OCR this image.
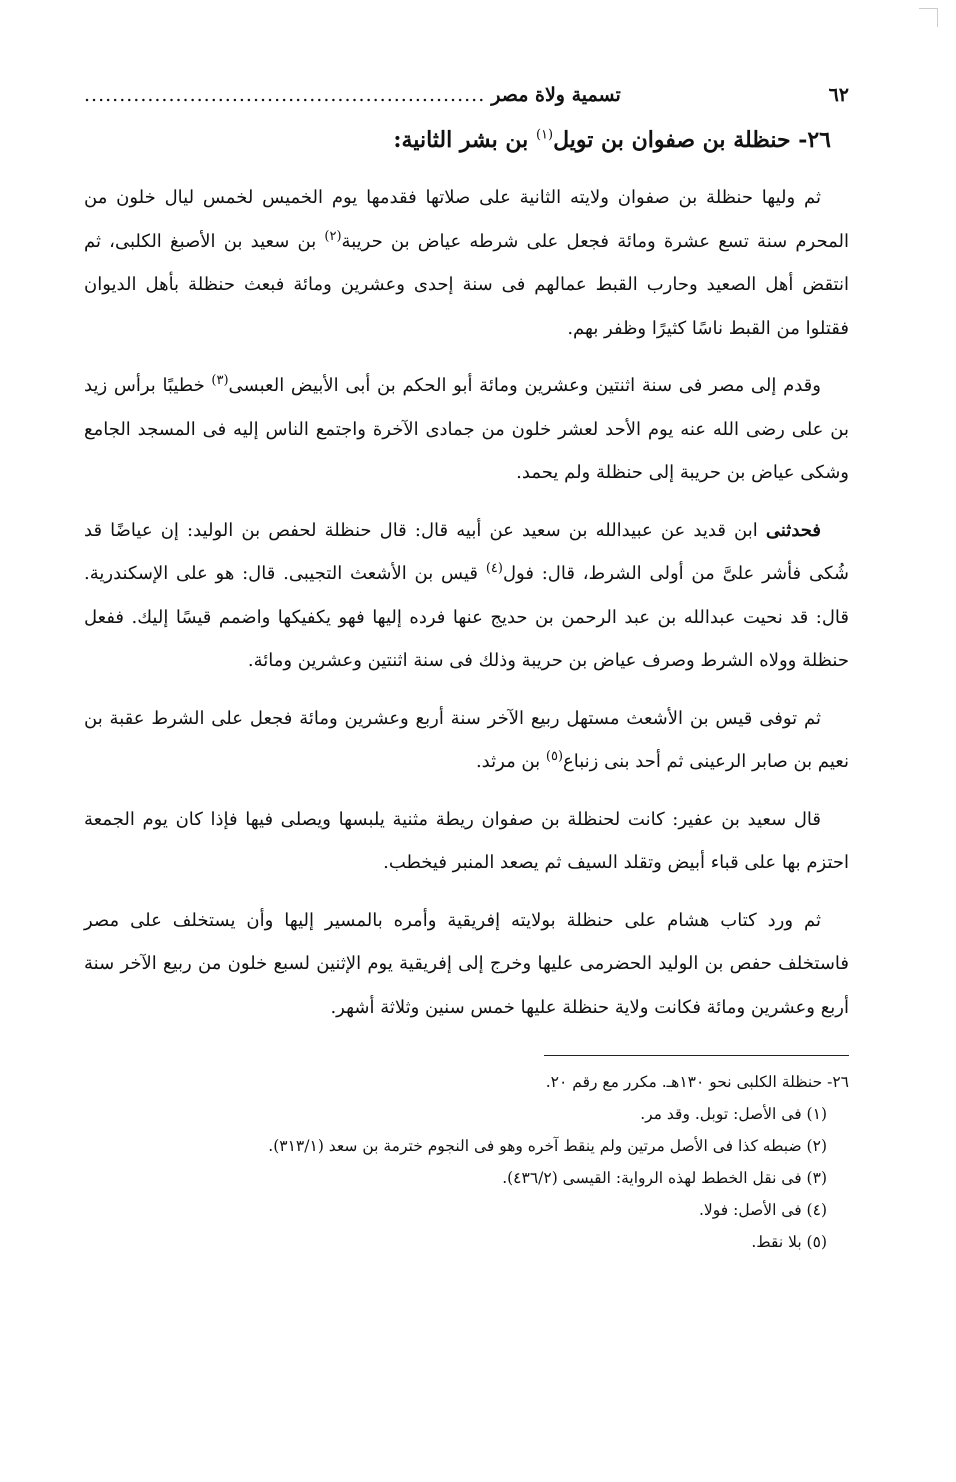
٦٢
تسمية ولاة مصر
.........................................................
٢٦- حنظلة بن صفوان بن تويل$^{(١)}$ بن بشر الثانية:

ثم وليها حنظلة بن صفوان ولايته الثانية على صلاتها فقدمها يوم الخميس لخمس ليال خلون من المحرم سنة تسع عشرة ومائة فجعل على شرطه عياض بن حريبة$^{(٢)}$ بن سعيد بن الأصبغ الكلبى، ثم انتقض أهل الصعيد وحارب القبط عمالهم فى سنة إحدى وعشرين ومائة فبعث حنظلة بأهل الديوان فقتلوا من القبط ناسًا كثيرًا وظفر بهم.

وقدم إلى مصر فى سنة اثنتين وعشرين ومائة أبو الحكم بن أبى الأبيض العبسى$^{(٣)}$ خطيبًا برأس زيد بن على رضى الله عنه يوم الأحد لعشر خلون من جمادى الآخرة واجتمع الناس إليه فى المسجد الجامع وشكى عياض بن حريبة إلى حنظلة ولم يحمد.

فحدثنى ابن قديد عن عبيدالله بن سعيد عن أبيه قال: قال حنظلة لحفص بن الوليد: إن عياضًا قد شُكى فأشر علىَّ من أولى الشرط، قال: فول$^{(٤)}$ قيس بن الأشعث التجيبى. قال: هو على الإسكندرية. قال: قد نحيت عبدالله بن عبد الرحمن بن حديج عنها فرده إليها فهو يكفيكها واضمم قيسًا إليك. ففعل حنظلة وولاه الشرط وصرف عياض بن حريبة وذلك فى سنة اثنتين وعشرين ومائة.

ثم توفى قيس بن الأشعث مستهل ربيع الآخر سنة أربع وعشرين ومائة فجعل على الشرط عقبة بن نعيم بن صابر الرعينى ثم أحد بنى زنباع$^{(٥)}$ بن مرثد.

قال سعيد بن عفير: كانت لحنظلة بن صفوان ريطة مثنية يلبسها ويصلى فيها فإذا كان يوم الجمعة احتزم بها على قباء أبيض وتقلد السيف ثم يصعد المنبر فيخطب.

ثم ورد كتاب هشام على حنظلة بولايته إفريقية وأمره بالمسير إليها وأن يستخلف على مصر فاستخلف حفص بن الوليد الحضرمى عليها وخرج إلى إفريقية يوم الإثنين لسبع خلون من ربيع الآخر سنة أربع وعشرين ومائة فكانت ولاية حنظلة عليها خمس سنين وثلاثة أشهر.

٢٦- حنظلة الكلبى نحو ١٣٠هـ. مكرر مع رقم ٢٠.
(١) فى الأصل: توبل. وقد مر.
(٢) ضبطه كذا فى الأصل مرتين ولم ينقط آخره وهو فى النجوم خترمة بن سعد (٣١٣/١).
(٣) فى نقل الخطط لهذه الرواية: القيسى (٤٣٦/٢).
(٤) فى الأصل: فولا.
(٥) بلا نقط.
